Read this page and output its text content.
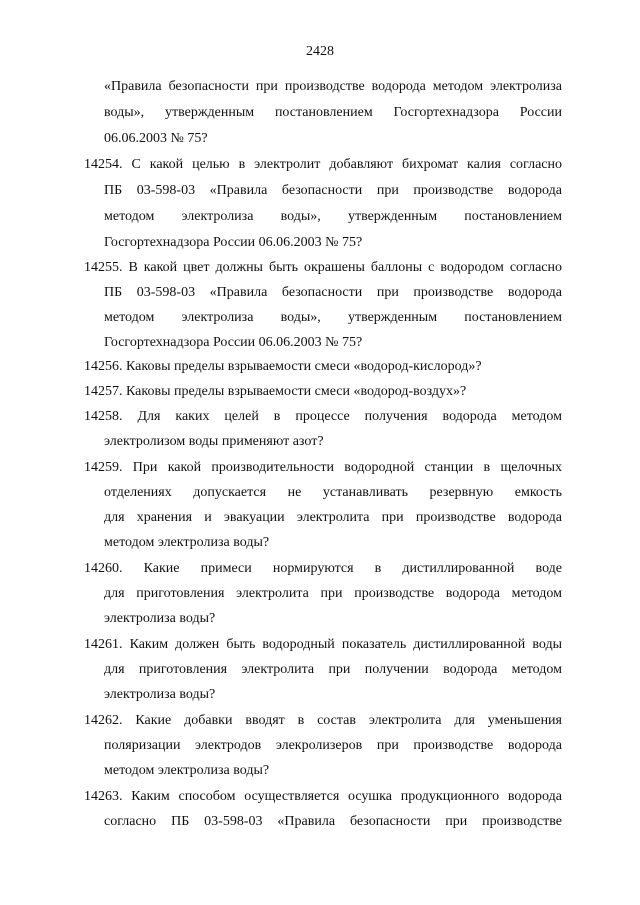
2428
«Правила безопасности при производстве водорода методом электролиза
воды», утвержденным постановлением Госгортехнадзора России
06.06.2003 № 75?
14254. С какой целью в электролит добавляют бихромат калия согласно
ПБ 03-598-03 «Правила безопасности при производстве водорода
методом электролиза воды», утвержденным постановлением
Госгортехнадзора России 06.06.2003 № 75?
14255. В какой цвет должны быть окрашены баллоны с водородом согласно
ПБ 03-598-03 «Правила безопасности при производстве водорода
методом электролиза воды», утвержденным постановлением
Госгортехнадзора России 06.06.2003 № 75?
14256. Каковы пределы взрываемости смеси «водород-кислород»?
14257. Каковы пределы взрываемости смеси «водород-воздух»?
14258. Для каких целей в процессе получения водорода методом
электролизом воды применяют азот?
14259. При какой производительности водородной станции в щелочных
отделениях допускается не устанавливать резервную емкость
для хранения и эвакуации электролита при производстве водорода
методом электролиза воды?
14260. Какие примеси нормируются в дистиллированной воде
для приготовления электролита при производстве водорода методом
электролиза воды?
14261. Каким должен быть водородный показатель дистиллированной воды
для приготовления электролита при получении водорода методом
электролиза воды?
14262. Какие добавки вводят в состав электролита для уменьшения
поляризации электродов элекролизеров при производстве водорода
методом электролиза воды?
14263. Каким способом осуществляется осушка продукционного водорода
согласно ПБ 03-598-03 «Правила безопасности при производстве
